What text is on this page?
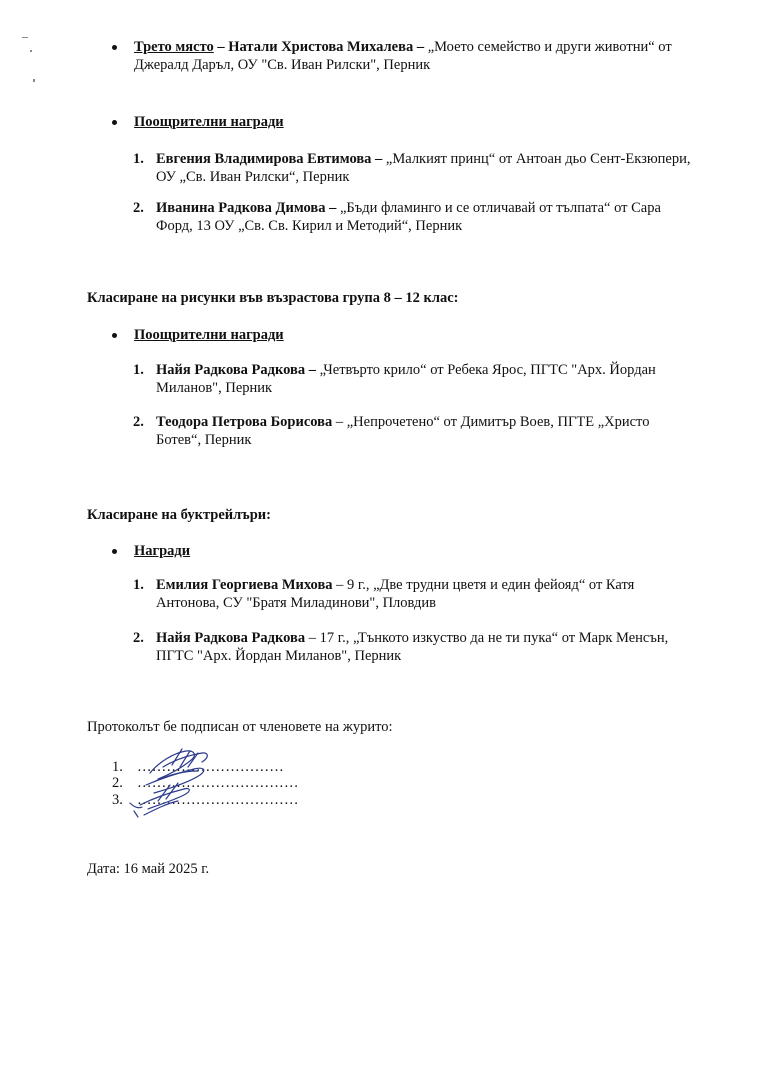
Трето място – Натали Христова Михалева – „Моето семейство и други животни“ от
Джералд Даръл, ОУ "Св. Иван Рилски", Перник
Поощрителни награди
1. Евгения Владимирова Евтимова – „Малкият принц“ от Антоан дьо Сент-Екзюпери,
ОУ „Св. Иван Рилски“, Перник
2. Иванина Радкова Димова – „Бъди фламинго и се отличавай от тълпата“ от Сара
Форд, 13 ОУ „Св. Св. Кирил и Методий“, Перник
Класиране на рисунки във възрастова група 8 – 12 клас:
Поощрителни награди
1. Найя Радкова Радкова – „Четвърто крило“ от Ребека Ярос, ПГТС "Арх. Йордан
Миланов", Перник
2. Теодора Петрова Борисова – „Непрочетено“ от Димитър Воев, ПГТЕ „Христо
Ботев“, Перник
Класиране на буктрейлъри:
Награди
1. Емилия Георгиева Михова – 9 г., „Две трудни цветя и един фейояд“ от Катя
Антонова, СУ "Братя Миладинови", Пловдив
2. Найя Радкова Радкова – 17 г., „Тънкото изкуство да не ти пука“ от Марк Менсън,
ПГТС "Арх. Йордан Миланов", Перник
Протоколът бе подписан от членовете на журито:
1. …………………………
2. ……………………………
3. ……………………………
Дата: 16 май 2025 г.
